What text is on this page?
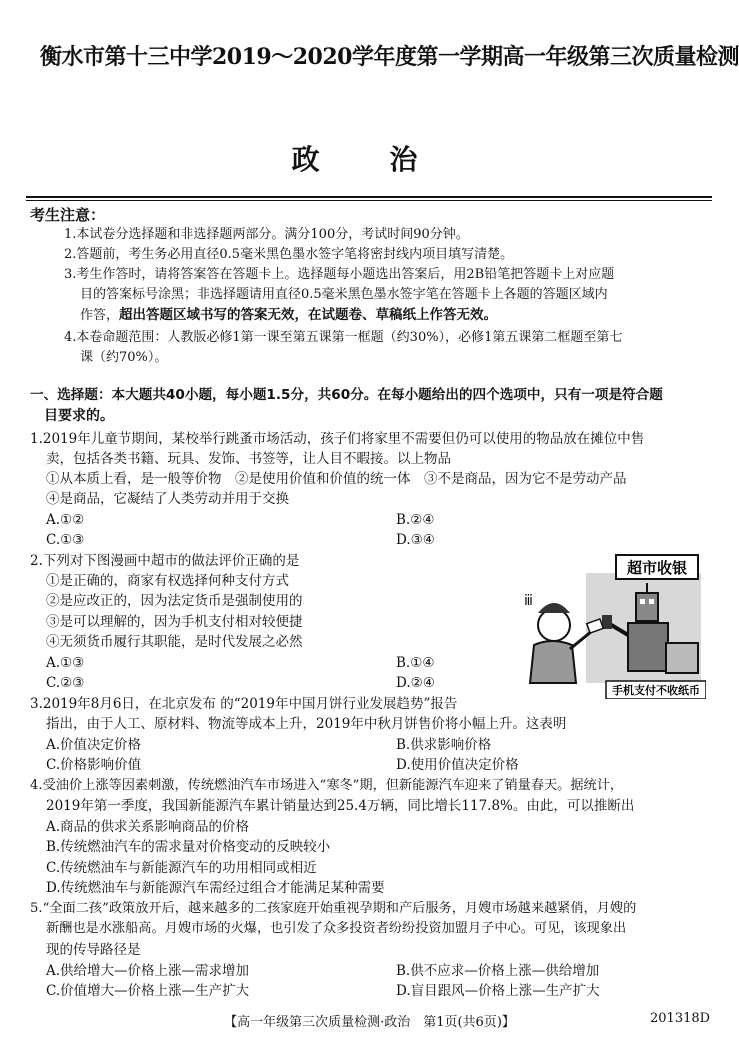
衡水市第十三中学2019～2020学年度第一学期高一年级第三次质量检测
政 治
考生注意：
1.本试卷分选择题和非选择题两部分。满分100分，考试时间90分钟。
2.答题前，考生务必用直径0.5毫米黑色墨水签字笔将密封线内项目填写清楚。
3.考生作答时，请将答案答在答题卡上。选择题每小题选出答案后，用2B铅笔把答题卡上对应题
目的答案标号涂黑；非选择题请用直径0.5毫米黑色墨水签字笔在答题卡上各题的答题区域内
作答，超出答题区域书写的答案无效，在试题卷、草稿纸上作答无效。
4.本卷命题范围：人教版必修1第一课至第五课第一框题（约30%），必修1第五课第二框题至第七
课（约70%）。
一、选择题：本大题共40小题，每小题1.5分，共60分。在每小题给出的四个选项中，只有一项是符合题
目要求的。
1.2019年儿童节期间，某校举行跳蚤市场活动，孩子们将家里不需要但仍可以使用的物品放在摊位中售
卖，包括各类书籍、玩具、发饰、书签等，让人目不暇接。以上物品
①从本质上看，是一般等价物　②是使用价值和价值的统一体　③不是商品，因为它不是劳动产品
④是商品，它凝结了人类劳动并用于交换
A.①②	B.②④
C.①③	D.③④
2.下列对下图漫画中超市的做法评价正确的是
①是正确的，商家有权选择何种支付方式
②是应改正的，因为法定货币是强制使用的
③是可以理解的，因为手机支付相对较便捷
④无须货币履行其职能，是时代发展之必然
A.①③	B.①④
C.②③	D.②④
超市收银
ⅲ
手机支付不收纸币
3.2019年8月6日，在北京发布 的“2019年中国月饼行业发展趋势”报告
指出，由于人工、原材料、物流等成本上升，2019年中秋月饼售价将小幅上升。这表明
A.价值决定价格	B.供求影响价格
C.价格影响价值	D.使用价值决定价格
4.受油价上涨等因素刺激，传统燃油汽车市场进入“寒冬”期，但新能源汽车迎来了销量春天。据统计，
2019年第一季度，我国新能源汽车累计销量达到25.4万辆，同比增长117.8%。由此，可以推断出
A.商品的供求关系影响商品的价格
B.传统燃油汽车的需求量对价格变动的反映较小
C.传统燃油车与新能源汽车的功用相同或相近
D.传统燃油车与新能源汽车需经过组合才能满足某种需要
5.“全面二孩”政策放开后，越来越多的二孩家庭开始重视孕期和产后服务，月嫂市场越来越紧俏，月嫂的
新酬也是水涨船高。月嫂市场的火爆，也引发了众多投资者纷纷投资加盟月子中心。可见，该现象出
现的传导路径是
A.供给增大—价格上涨—需求增加	B.供不应求—价格上涨—供给增加
C.价值增大—价格上涨—生产扩大	D.盲目跟风—价格上涨—生产扩大
【高一年级第三次质量检测·政治　第1页(共6页)】	201318D
